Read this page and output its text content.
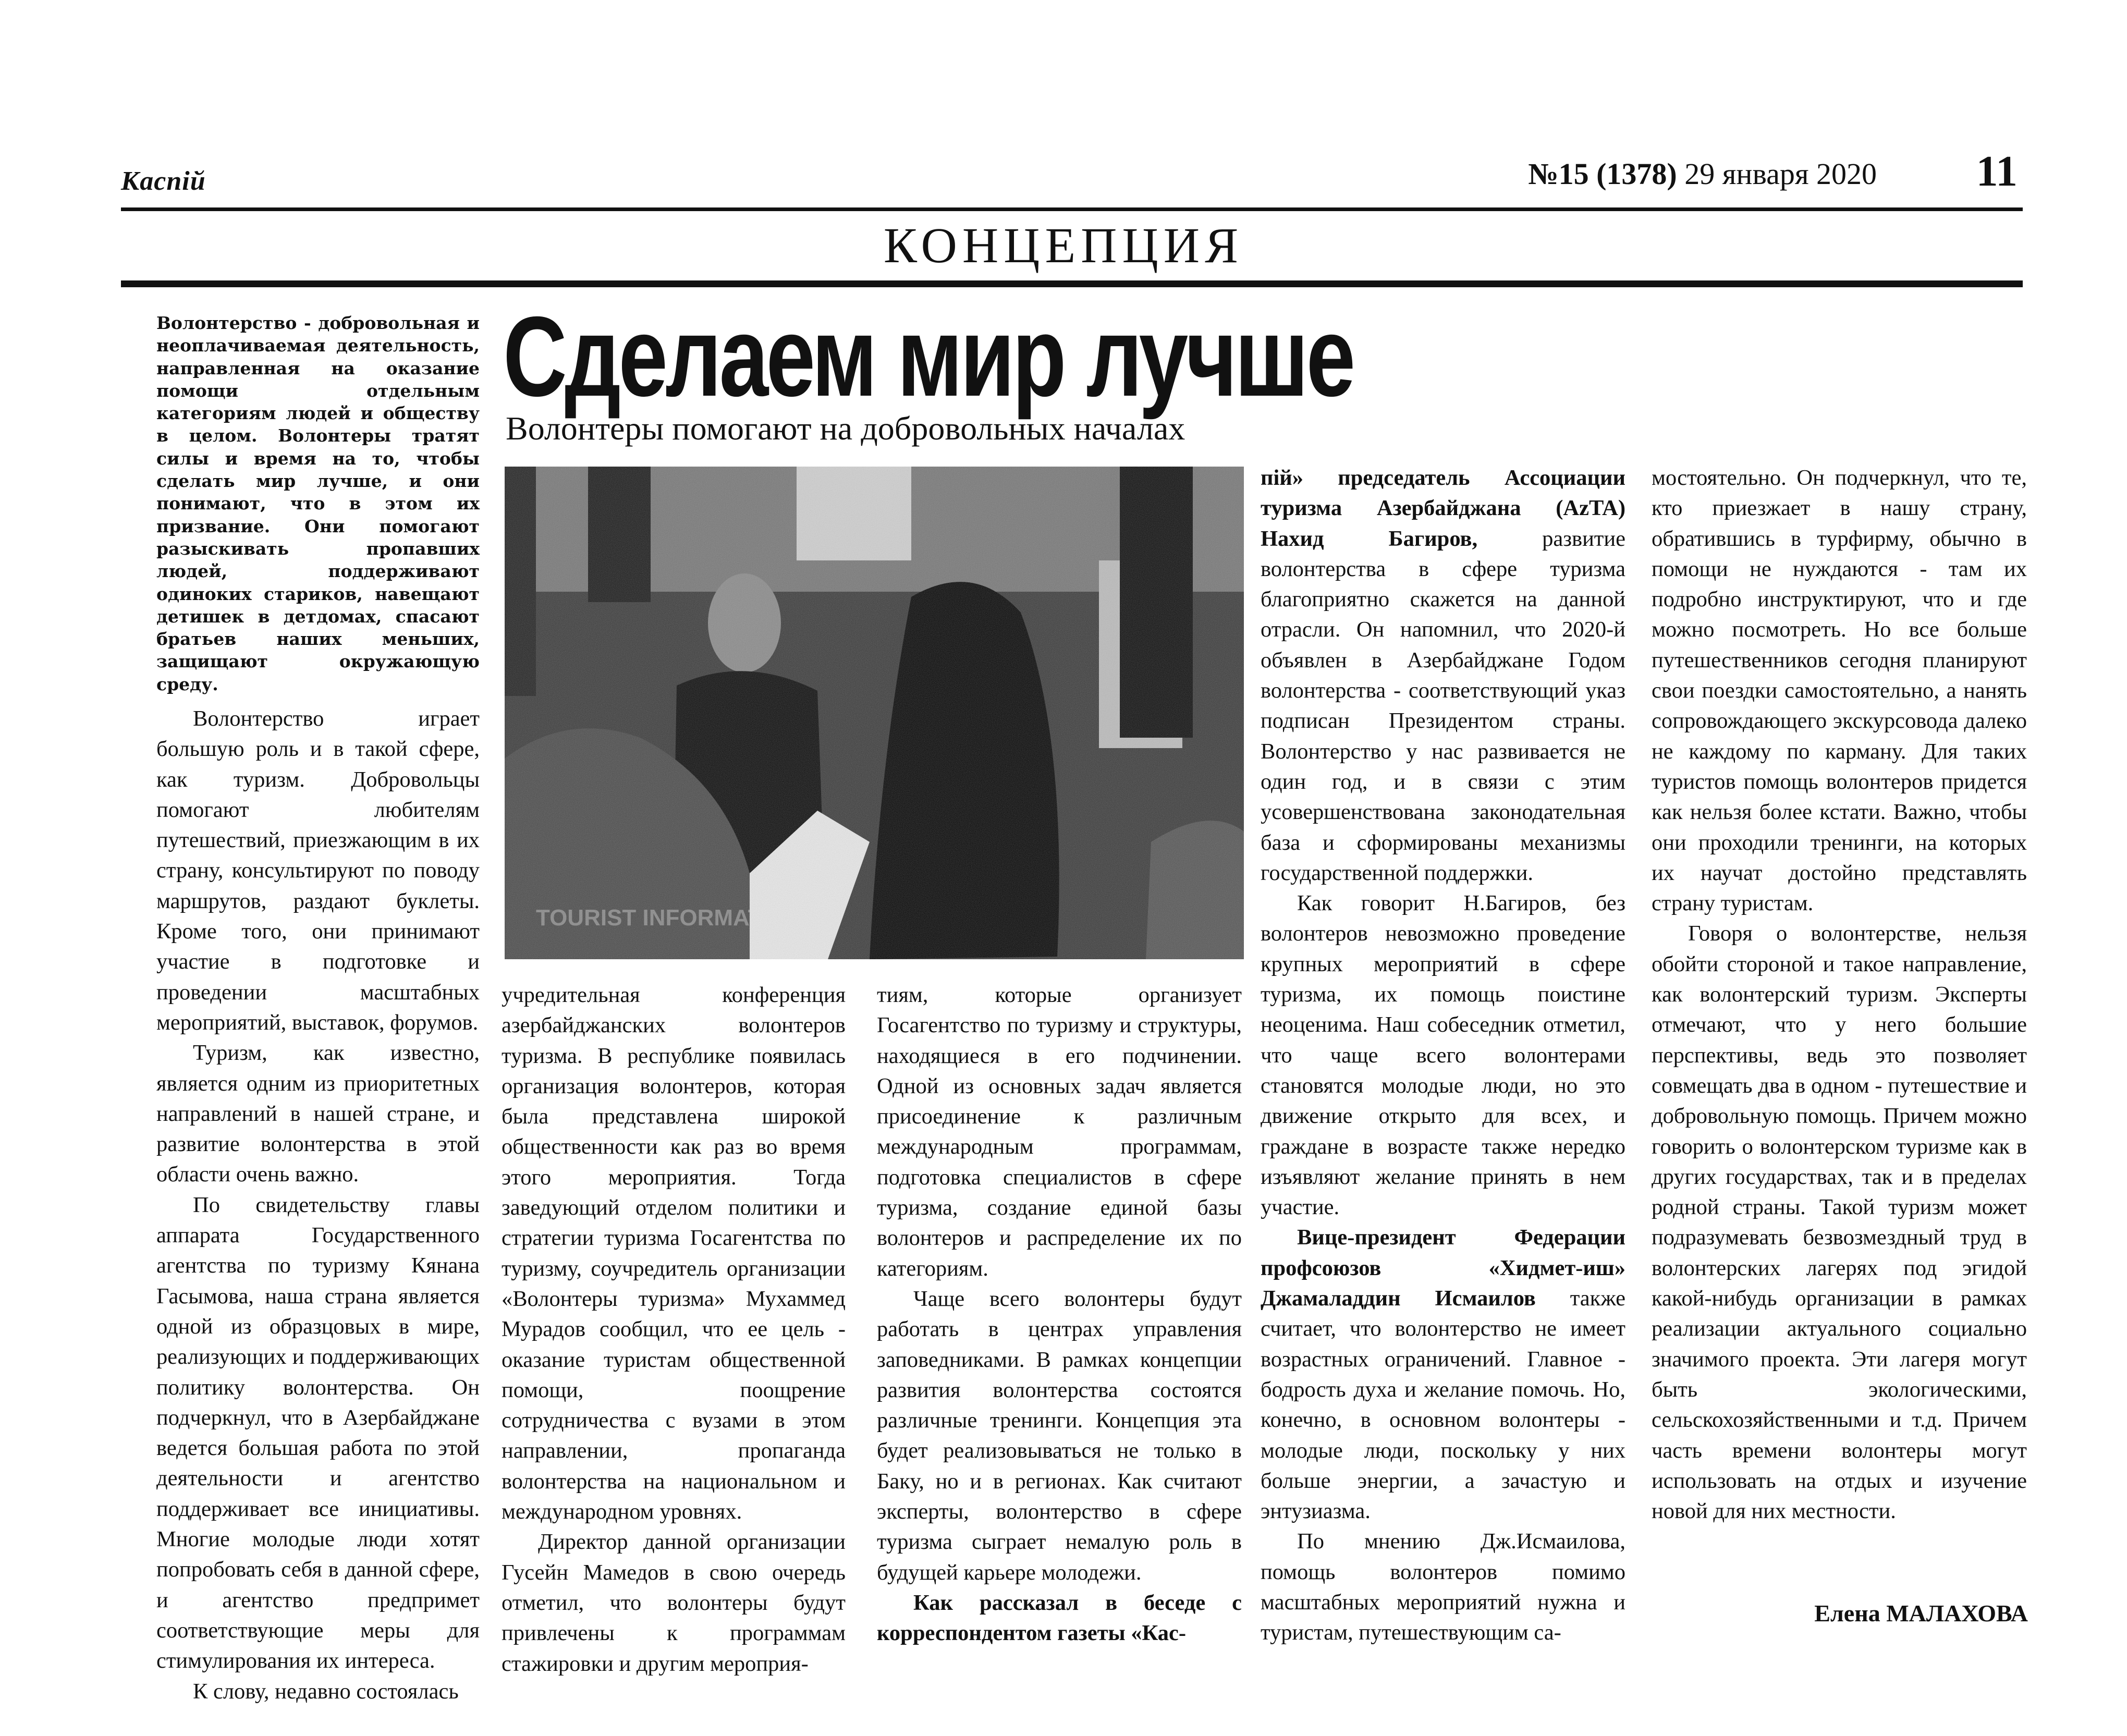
Каспій	№15 (1378) 29 января 2020 11
КОНЦЕПЦИЯ

Волонтерство - добровольная и неоплачиваемая деятельность, направленная на оказание помощи отдельным категориям людей и обществу в целом. Волонтеры тратят силы и время на то, чтобы сделать мир лучше, и они понимают, что в этом их призвание. Они помогают разыскивать пропавших людей, поддерживают одиноких стариков, навещают детишек в детдомах, спасают братьев наших меньших, защищают окружающую среду.

Сделаем мир лучше
Волонтеры помогают на добровольных началах

Волонтерство играет большую роль и в такой сфере, как туризм. Добровольцы помогают любителям путешествий, приезжающим в их страну, консультируют по поводу маршрутов, раздают буклеты. Кроме того, они принимают участие в подготовке и проведении масштабных мероприятий, выставок, форумов.

Туризм, как известно, является одним из приоритетных направлений в нашей стране, и развитие волонтерства в этой области очень важно.

По свидетельству главы аппарата Государственного агентства по туризму Кянана Гасымова, наша страна является одной из образцовых в мире, реализующих и поддерживающих политику волонтерства. Он подчеркнул, что в Азербайджане ведется большая работа по этой деятельности и агентство поддерживает все инициативы. Многие молодые люди хотят попробовать себя в данной сфере, и агентство предпримет соответствующие меры для стимулирования их интереса.

К слову, недавно состоялась

учредительная конференция азербайджанских волонтеров туризма. В республике появилась организация волонтеров, которая была представлена широкой общественности как раз во время этого мероприятия. Тогда заведующий отделом политики и стратегии туризма Госагентства по туризму, соучредитель организации «Волонтеры туризма» Мухаммед Мурадов сообщил, что ее цель - оказание туристам общественной помощи, поощрение сотрудничества с вузами в этом направлении, пропаганда волонтерства на национальном и международном уровнях.

Директор данной организации Гусейн Мамедов в свою очередь отметил, что волонтеры будут привлечены к программам стажировки и другим мероприя-

тиям, которые организует Госагентство по туризму и структуры, находящиеся в его подчинении. Одной из основных задач является присоединение к различным международным программам, подготовка специалистов в сфере туризма, создание единой базы волонтеров и распределение их по категориям.

Чаще всего волонтеры будут работать в центрах управления заповедниками. В рамках концепции развития волонтерства состоятся различные тренинги. Концепция эта будет реализовываться не только в Баку, но и в регионах. Как считают эксперты, волонтерство в сфере туризма сыграет немалую роль в будущей карьере молодежи.

Как рассказал в беседе с корреспондентом газеты «Кас-

пій» председатель Ассоциации туризма Азербайджана (AzTA) Нахид Багиров, развитие волонтерства в сфере туризма благоприятно скажется на данной отрасли. Он напомнил, что 2020-й объявлен в Азербайджане Годом волонтерства - соответствующий указ подписан Президентом страны. Волонтерство у нас развивается не один год, и в связи с этим усовершенствована законодательная база и сформированы механизмы государственной поддержки.

Как говорит Н.Багиров, без волонтеров невозможно проведение крупных мероприятий в сфере туризма, их помощь поистине неоценима. Наш собеседник отметил, что чаще всего волонтерами становятся молодые люди, но это движение открыто для всех, и граждане в возрасте также нередко изъявляют желание принять в нем участие.

Вице-президент Федерации профсоюзов «Хидмет-иш» Джамаладдин Исмаилов также считает, что волонтерство не имеет возрастных ограничений. Главное - бодрость духа и желание помочь. Но, конечно, в основном волонтеры - молодые люди, поскольку у них больше энергии, а зачастую и энтузиазма.

По мнению Дж.Исмаилова, помощь волонтеров помимо масштабных мероприятий нужна и туристам, путешествующим са-

мостоятельно. Он подчеркнул, что те, кто приезжает в нашу страну, обратившись в турфирму, обычно в помощи не нуждаются - там их подробно инструктируют, что и где можно посмотреть. Но все больше путешественников сегодня планируют свои поездки самостоятельно, а нанять сопровождающего экскурсовода далеко не каждому по карману. Для таких туристов помощь волонтеров придется как нельзя более кстати. Важно, чтобы они проходили тренинги, на которых их научат достойно представлять страну туристам.

Говоря о волонтерстве, нельзя обойти стороной и такое направление, как волонтерский туризм. Эксперты отмечают, что у него большие перспективы, ведь это позволяет совмещать два в одном - путешествие и добровольную помощь. Причем можно говорить о волонтерском туризме как в других государствах, так и в пределах родной страны. Такой туризм может подразумевать безвозмездный труд в волонтерских лагерях под эгидой какой-нибудь организации в рамках реализации актуального социально значимого проекта. Эти лагеря могут быть экологическими, сельскохозяйственными и т.д. Причем часть времени волонтеры могут использовать на отдых и изучение новой для них местности.

Елена МАЛАХОВА
